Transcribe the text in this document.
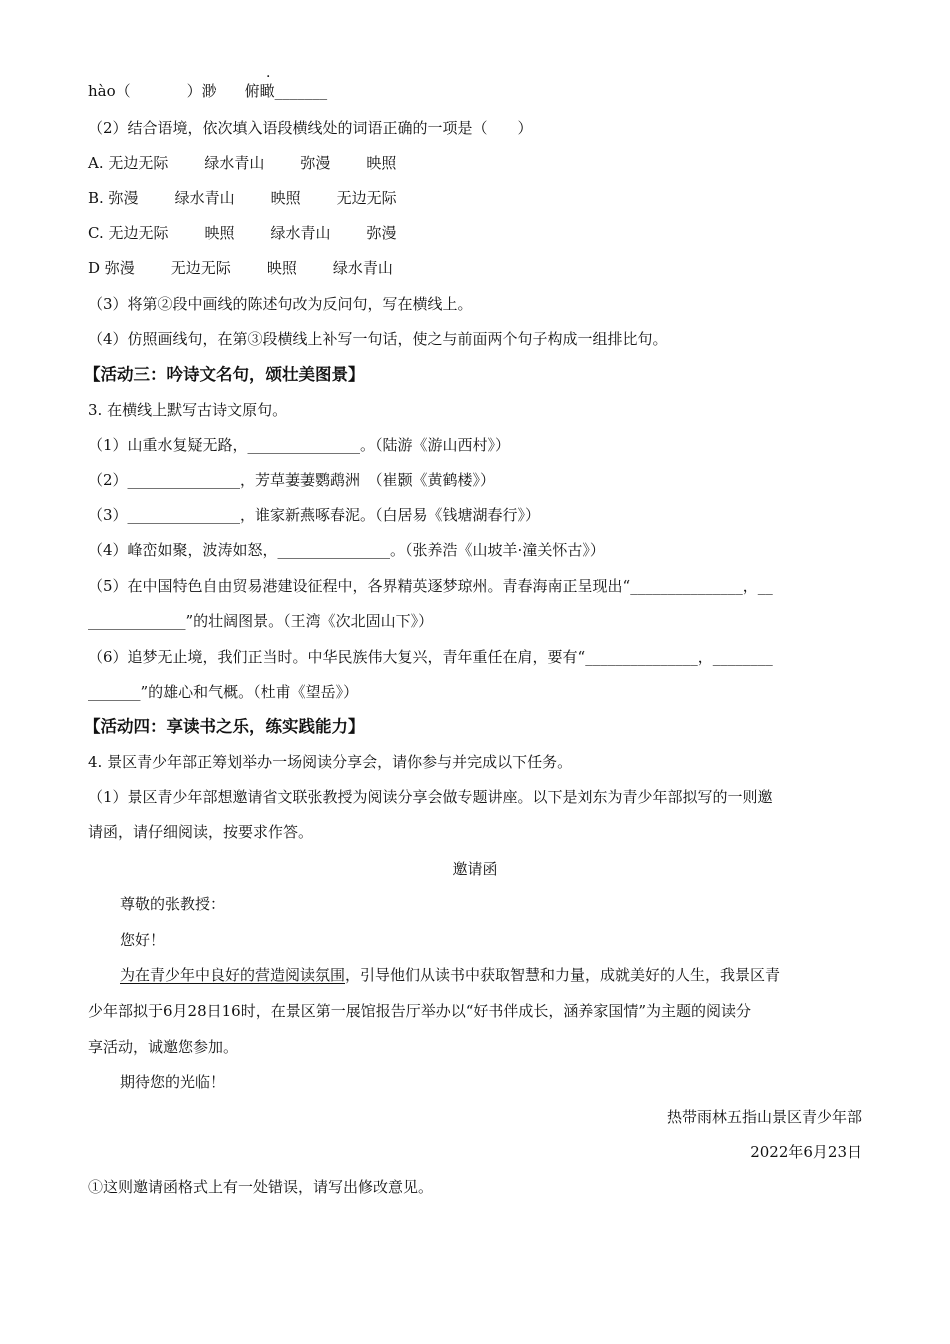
·
hào（	）渺 俯瞰_______
（2）结合语境，依次填入语段横线处的词语正确的一项是（　　）
A. 无边无际 绿水青山 弥漫 映照
B. 弥漫 绿水青山 映照 无边无际
C. 无边无际 映照 绿水青山 弥漫
D 弥漫 无边无际 映照 绿水青山
（3）将第②段中画线的陈述句改为反问句，写在横线上。
（4）仿照画线句，在第③段横线上补写一句话，使之与前面两个句子构成一组排比句。
【活动三：吟诗文名句，颂壮美图景】
3. 在横线上默写古诗文原句。
（1）山重水复疑无路，_______________。（陆游《游山西村》）
（2）_______________，芳草萋萋鹦鹉洲　（崔颢《黄鹤楼》）
（3）_______________，谁家新燕啄春泥。（白居易《钱塘湖春行》）
（4）峰峦如聚，波涛如怒，_______________。（张养浩《山坡羊·潼关怀古》）
（5）在中国特色自由贸易港建设征程中，各界精英逐梦琼州。青春海南正呈现出“_______________，__
_____________”的壮阔图景。（王湾《次北固山下》）
（6）追梦无止境，我们正当时。中华民族伟大复兴，青年重任在肩，要有“_______________，________
_______”的雄心和气概。（杜甫《望岳》）
【活动四：享读书之乐，练实践能力】
4. 景区青少年部正筹划举办一场阅读分享会，请你参与并完成以下任务。
（1）景区青少年部想邀请省文联张教授为阅读分享会做专题讲座。以下是刘东为青少年部拟写的一则邀
请函，请仔细阅读，按要求作答。
邀请函
尊敬的张教授：
您好！
为在青少年中良好的营造阅读氛围，引导他们从读书中获取智慧和力量，成就美好的人生，我景区青
少年部拟于6月28日16时，在景区第一展馆报告厅举办以“好书伴成长，涵养家国情”为主题的阅读分
享活动，诚邀您参加。
期待您的光临！
热带雨林五指山景区青少年部
2022年6月23日
①这则邀请函格式上有一处错误，请写出修改意见。
